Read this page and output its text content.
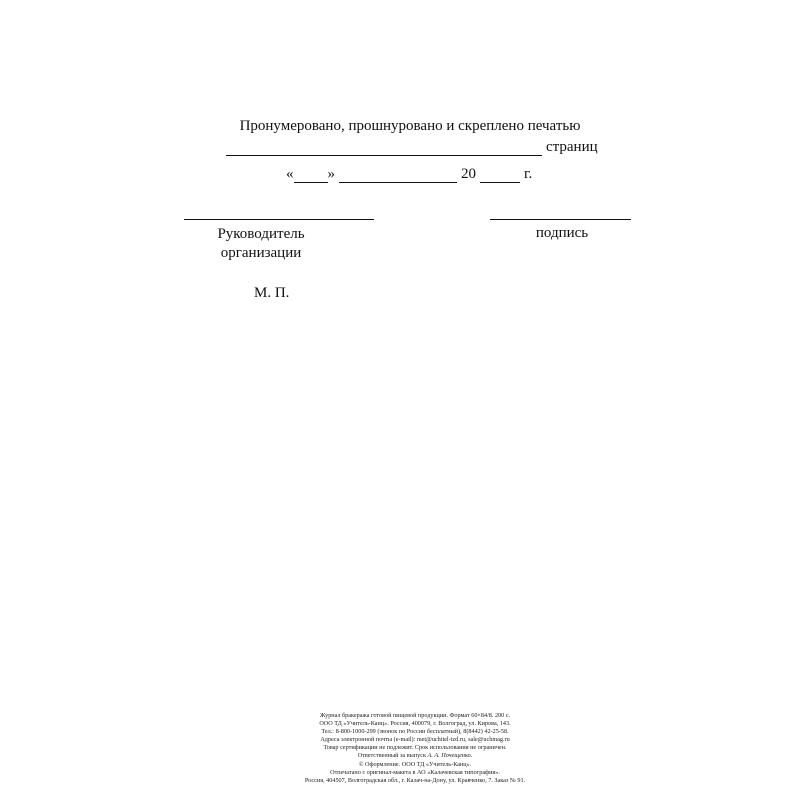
Пронумеровано, прошнуровано и скреплено печатью
страниц
« »	20	г.
Руководитель организации
подпись
М. П.
Журнал бракеража готовой пищевой продукции. Формат 60×84/8. 200 с.
ООО ТД «Учитель-Канц». Россия, 400079, г. Волгоград, ул. Кирова, 143.
Тел.: 8-800-1000-299 (звонок по России бесплатный), 8(8442) 42-25-58.
Адреса электронной почты (e-mail): met@uchitel-izd.ru, sale@uchmag.ru
Товар сертификации не подлежит. Срок использования не ограничен.
Ответственный за выпуск А. А. Почещенко.
© Оформление. ООО ТД «Учитель-Канц».
Отпечатано с оригинал-макета в АО «Калачевская типография».
Россия, 404507, Волгоградская обл., г. Калач-на-Дону, ул. Кравченко, 7. Заказ № 91.
